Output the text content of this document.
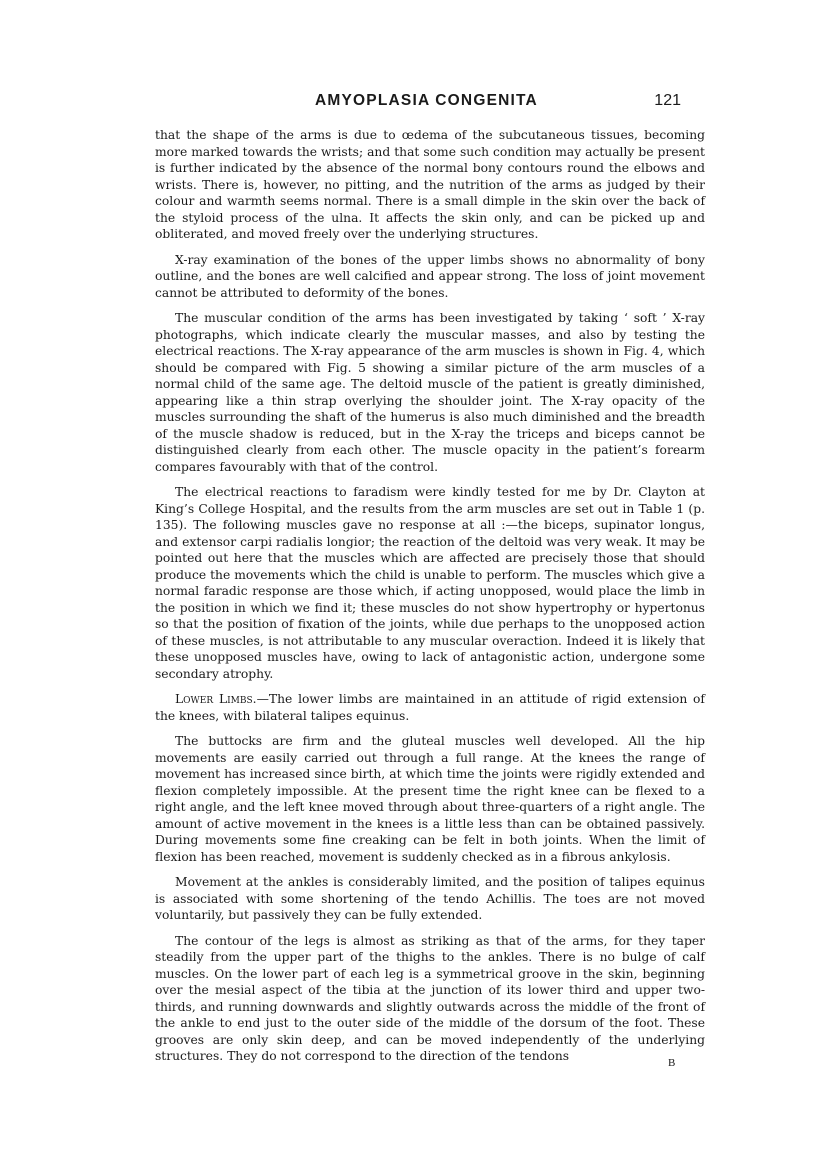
AMYOPLASIA CONGENITA	121

that the shape of the arms is due to œdema of the subcutaneous tissues, becoming more marked towards the wrists; and that some such condition may actually be present is further indicated by the absence of the normal bony contours round the elbows and wrists. There is, however, no pitting, and the nutrition of the arms as judged by their colour and warmth seems normal. There is a small dimple in the skin over the back of the styloid process of the ulna. It affects the skin only, and can be picked up and obliterated, and moved freely over the underlying structures.

X-ray examination of the bones of the upper limbs shows no abnormality of bony outline, and the bones are well calcified and appear strong. The loss of joint movement cannot be attributed to deformity of the bones.

The muscular condition of the arms has been investigated by taking ‘ soft ’ X-ray photographs, which indicate clearly the muscular masses, and also by testing the electrical reactions. The X-ray appearance of the arm muscles is shown in Fig. 4, which should be compared with Fig. 5 showing a similar picture of the arm muscles of a normal child of the same age. The deltoid muscle of the patient is greatly diminished, appearing like a thin strap overlying the shoulder joint. The X-ray opacity of the muscles surrounding the shaft of the humerus is also much diminished and the breadth of the muscle shadow is reduced, but in the X-ray the triceps and biceps cannot be distinguished clearly from each other. The muscle opacity in the patient’s forearm compares favourably with that of the control.

The electrical reactions to faradism were kindly tested for me by Dr. Clayton at King’s College Hospital, and the results from the arm muscles are set out in Table 1 (p. 135). The following muscles gave no response at all :—the biceps, supinator longus, and extensor carpi radialis longior; the reaction of the deltoid was very weak. It may be pointed out here that the muscles which are affected are precisely those that should produce the movements which the child is unable to perform. The muscles which give a normal faradic response are those which, if acting unopposed, would place the limb in the position in which we find it; these muscles do not show hypertrophy or hypertonus so that the position of fixation of the joints, while due perhaps to the unopposed action of these muscles, is not attributable to any muscular overaction. Indeed it is likely that these unopposed muscles have, owing to lack of antagonistic action, undergone some secondary atrophy.

Lower Limbs.—The lower limbs are maintained in an attitude of rigid extension of the knees, with bilateral talipes equinus.

The buttocks are firm and the gluteal muscles well developed. All the hip movements are easily carried out through a full range. At the knees the range of movement has increased since birth, at which time the joints were rigidly extended and flexion completely impossible. At the present time the right knee can be flexed to a right angle, and the left knee moved through about three-quarters of a right angle. The amount of active movement in the knees is a little less than can be obtained passively. During movements some fine creaking can be felt in both joints. When the limit of flexion has been reached, movement is suddenly checked as in a fibrous ankylosis.

Movement at the ankles is considerably limited, and the position of talipes equinus is associated with some shortening of the tendo Achillis. The toes are not moved voluntarily, but passively they can be fully extended.

The contour of the legs is almost as striking as that of the arms, for they taper steadily from the upper part of the thighs to the ankles. There is no bulge of calf muscles. On the lower part of each leg is a symmetrical groove in the skin, beginning over the mesial aspect of the tibia at the junction of its lower third and upper two-thirds, and running downwards and slightly outwards across the middle of the front of the ankle to end just to the outer side of the middle of the dorsum of the foot. These grooves are only skin deep, and can be moved independently of the underlying structures. They do not correspond to the direction of the tendons	B
